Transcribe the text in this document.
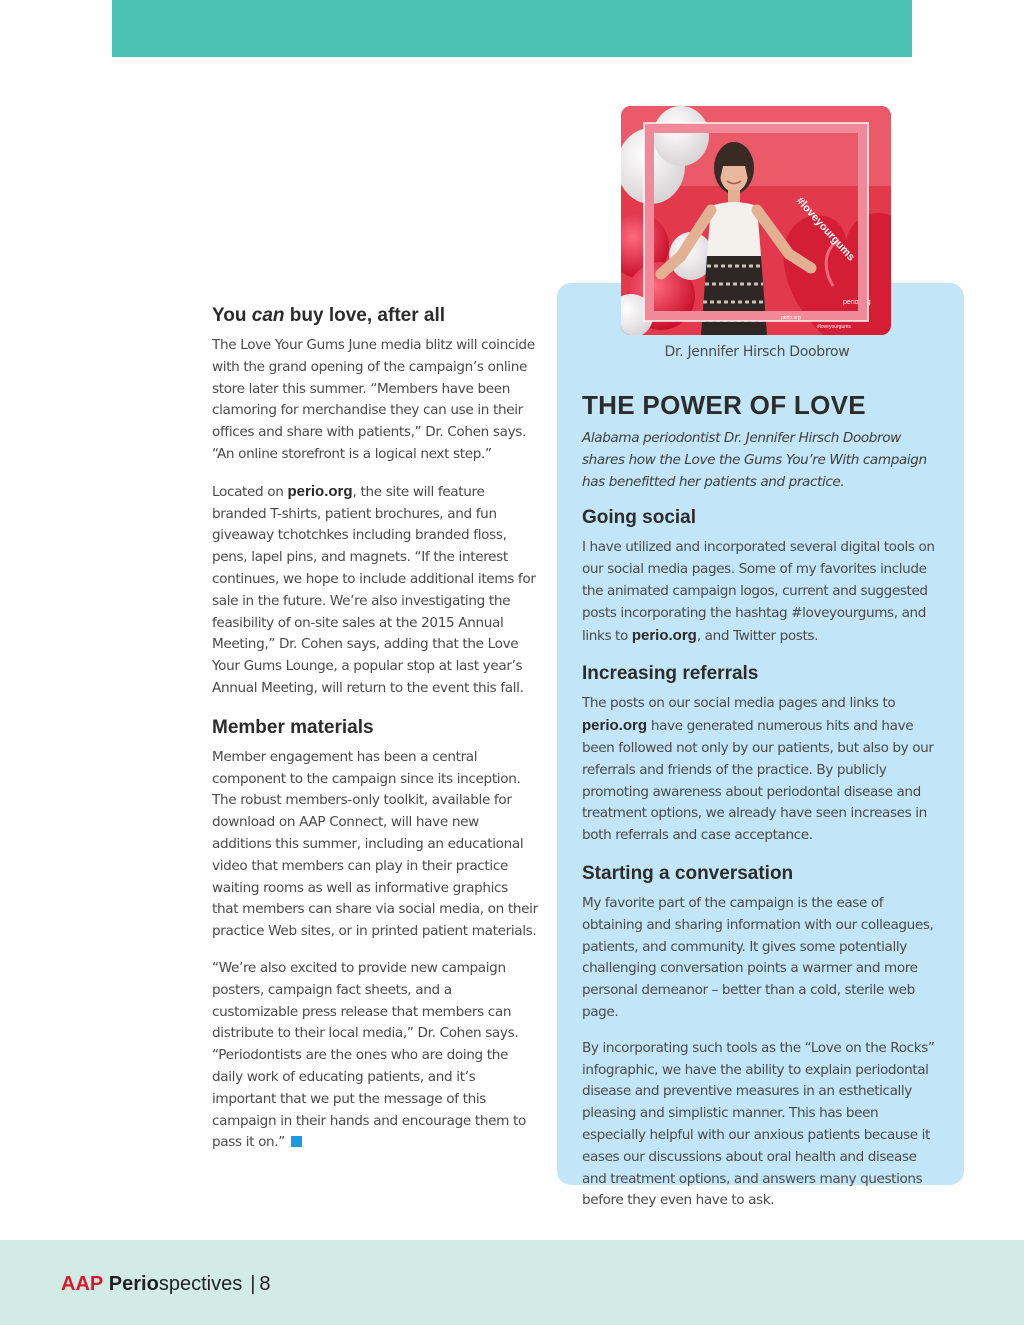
You can buy love, after all

The Love Your Gums June media blitz will coincide with the grand opening of the campaign’s online store later this summer. “Members have been clamoring for merchandise they can use in their offices and share with patients,” Dr. Cohen says. “An online storefront is a logical next step.”

Located on perio.org, the site will feature branded T-shirts, patient brochures, and fun giveaway tchotchkes including branded floss, pens, lapel pins, and magnets. “If the interest continues, we hope to include additional items for sale in the future. We’re also investigating the feasibility of on-site sales at the 2015 Annual Meeting,” Dr. Cohen says, adding that the Love Your Gums Lounge, a popular stop at last year’s Annual Meeting, will return to the event this fall.

Member materials

Member engagement has been a central component to the campaign since its inception. The robust members-only toolkit, available for download on AAP Connect, will have new additions this summer, including an educational video that members can play in their practice waiting rooms as well as informative graphics that members can share via social media, on their practice Web sites, or in printed patient materials.

“We’re also excited to provide new campaign posters, campaign fact sheets, and a customizable press release that members can distribute to their local media,” Dr. Cohen says. “Periodontists are the ones who are doing the daily work of educating patients, and it’s important that we put the message of this campaign in their hands and encourage them to pass it on.”

#loveyourgums
perio.org
perio.org
#loveyourgums
Dr. Jennifer Hirsch Doobrow
THE POWER OF LOVE

Alabama periodontist Dr. Jennifer Hirsch Doobrow shares how the Love the Gums You’re With campaign has benefitted her patients and practice.

Going social

I have utilized and incorporated several digital tools on our social media pages. Some of my favorites include the animated campaign logos, current and suggested posts incorporating the hashtag #loveyourgums, and links to perio.org, and Twitter posts.

Increasing referrals

The posts on our social media pages and links to perio.org have generated numerous hits and have been followed not only by our patients, but also by our referrals and friends of the practice. By publicly promoting awareness about periodontal disease and treatment options, we already have seen increases in both referrals and case acceptance.

Starting a conversation

My favorite part of the campaign is the ease of obtaining and sharing information with our colleagues, patients, and community. It gives some potentially challenging conversation points a warmer and more personal demeanor – better than a cold, sterile web page.

By incorporating such tools as the “Love on the Rocks” infographic, we have the ability to explain periodontal disease and preventive measures in an esthetically pleasing and simplistic manner. This has been especially helpful with our anxious patients because it eases our discussions about oral health and disease and treatment options, and answers many questions before they even have to ask.

AAP Periospectives | 8
